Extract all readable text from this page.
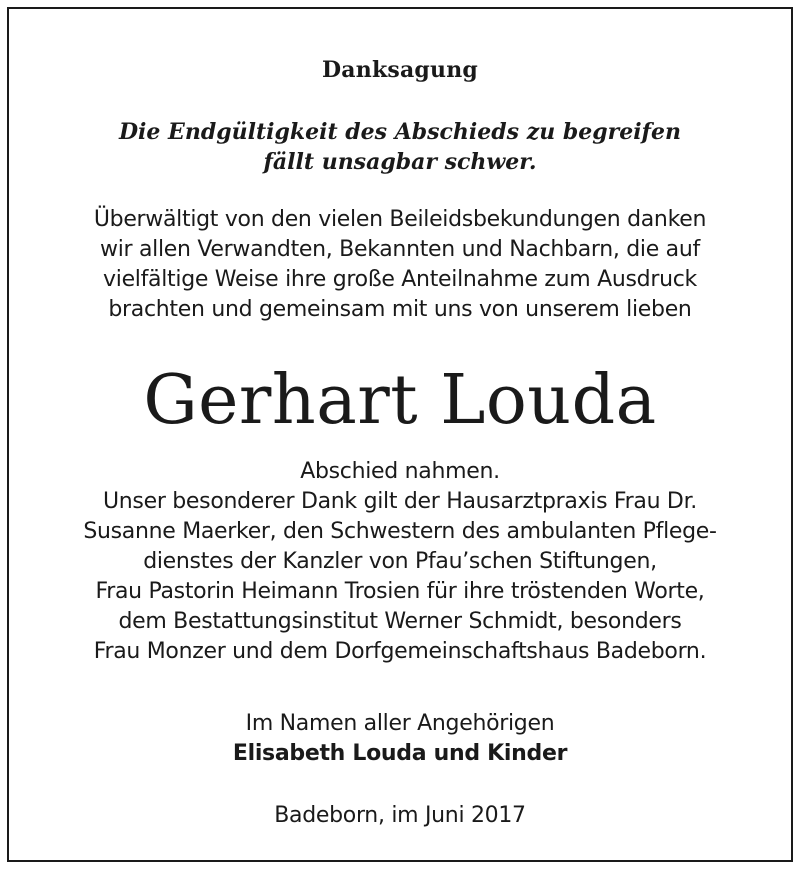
Danksagung
Die Endgültigkeit des Abschieds zu begreifen
fällt unsagbar schwer.
Überwältigt von den vielen Beileidsbekundungen danken
wir allen Verwandten, Bekannten und Nachbarn, die auf
vielfältige Weise ihre große Anteilnahme zum Ausdruck
brachten und gemeinsam mit uns von unserem lieben
Gerhart Louda
Abschied nahmen.
Unser besonderer Dank gilt der Hausarztpraxis Frau Dr.
Susanne Maerker, den Schwestern des ambulanten Pflege-
dienstes der Kanzler von Pfau’schen Stiftungen,
Frau Pastorin Heimann Trosien für ihre tröstenden Worte,
dem Bestattungsinstitut Werner Schmidt, besonders
Frau Monzer und dem Dorfgemeinschaftshaus Badeborn.
Im Namen aller Angehörigen
Elisabeth Louda und Kinder
Badeborn, im Juni 2017
